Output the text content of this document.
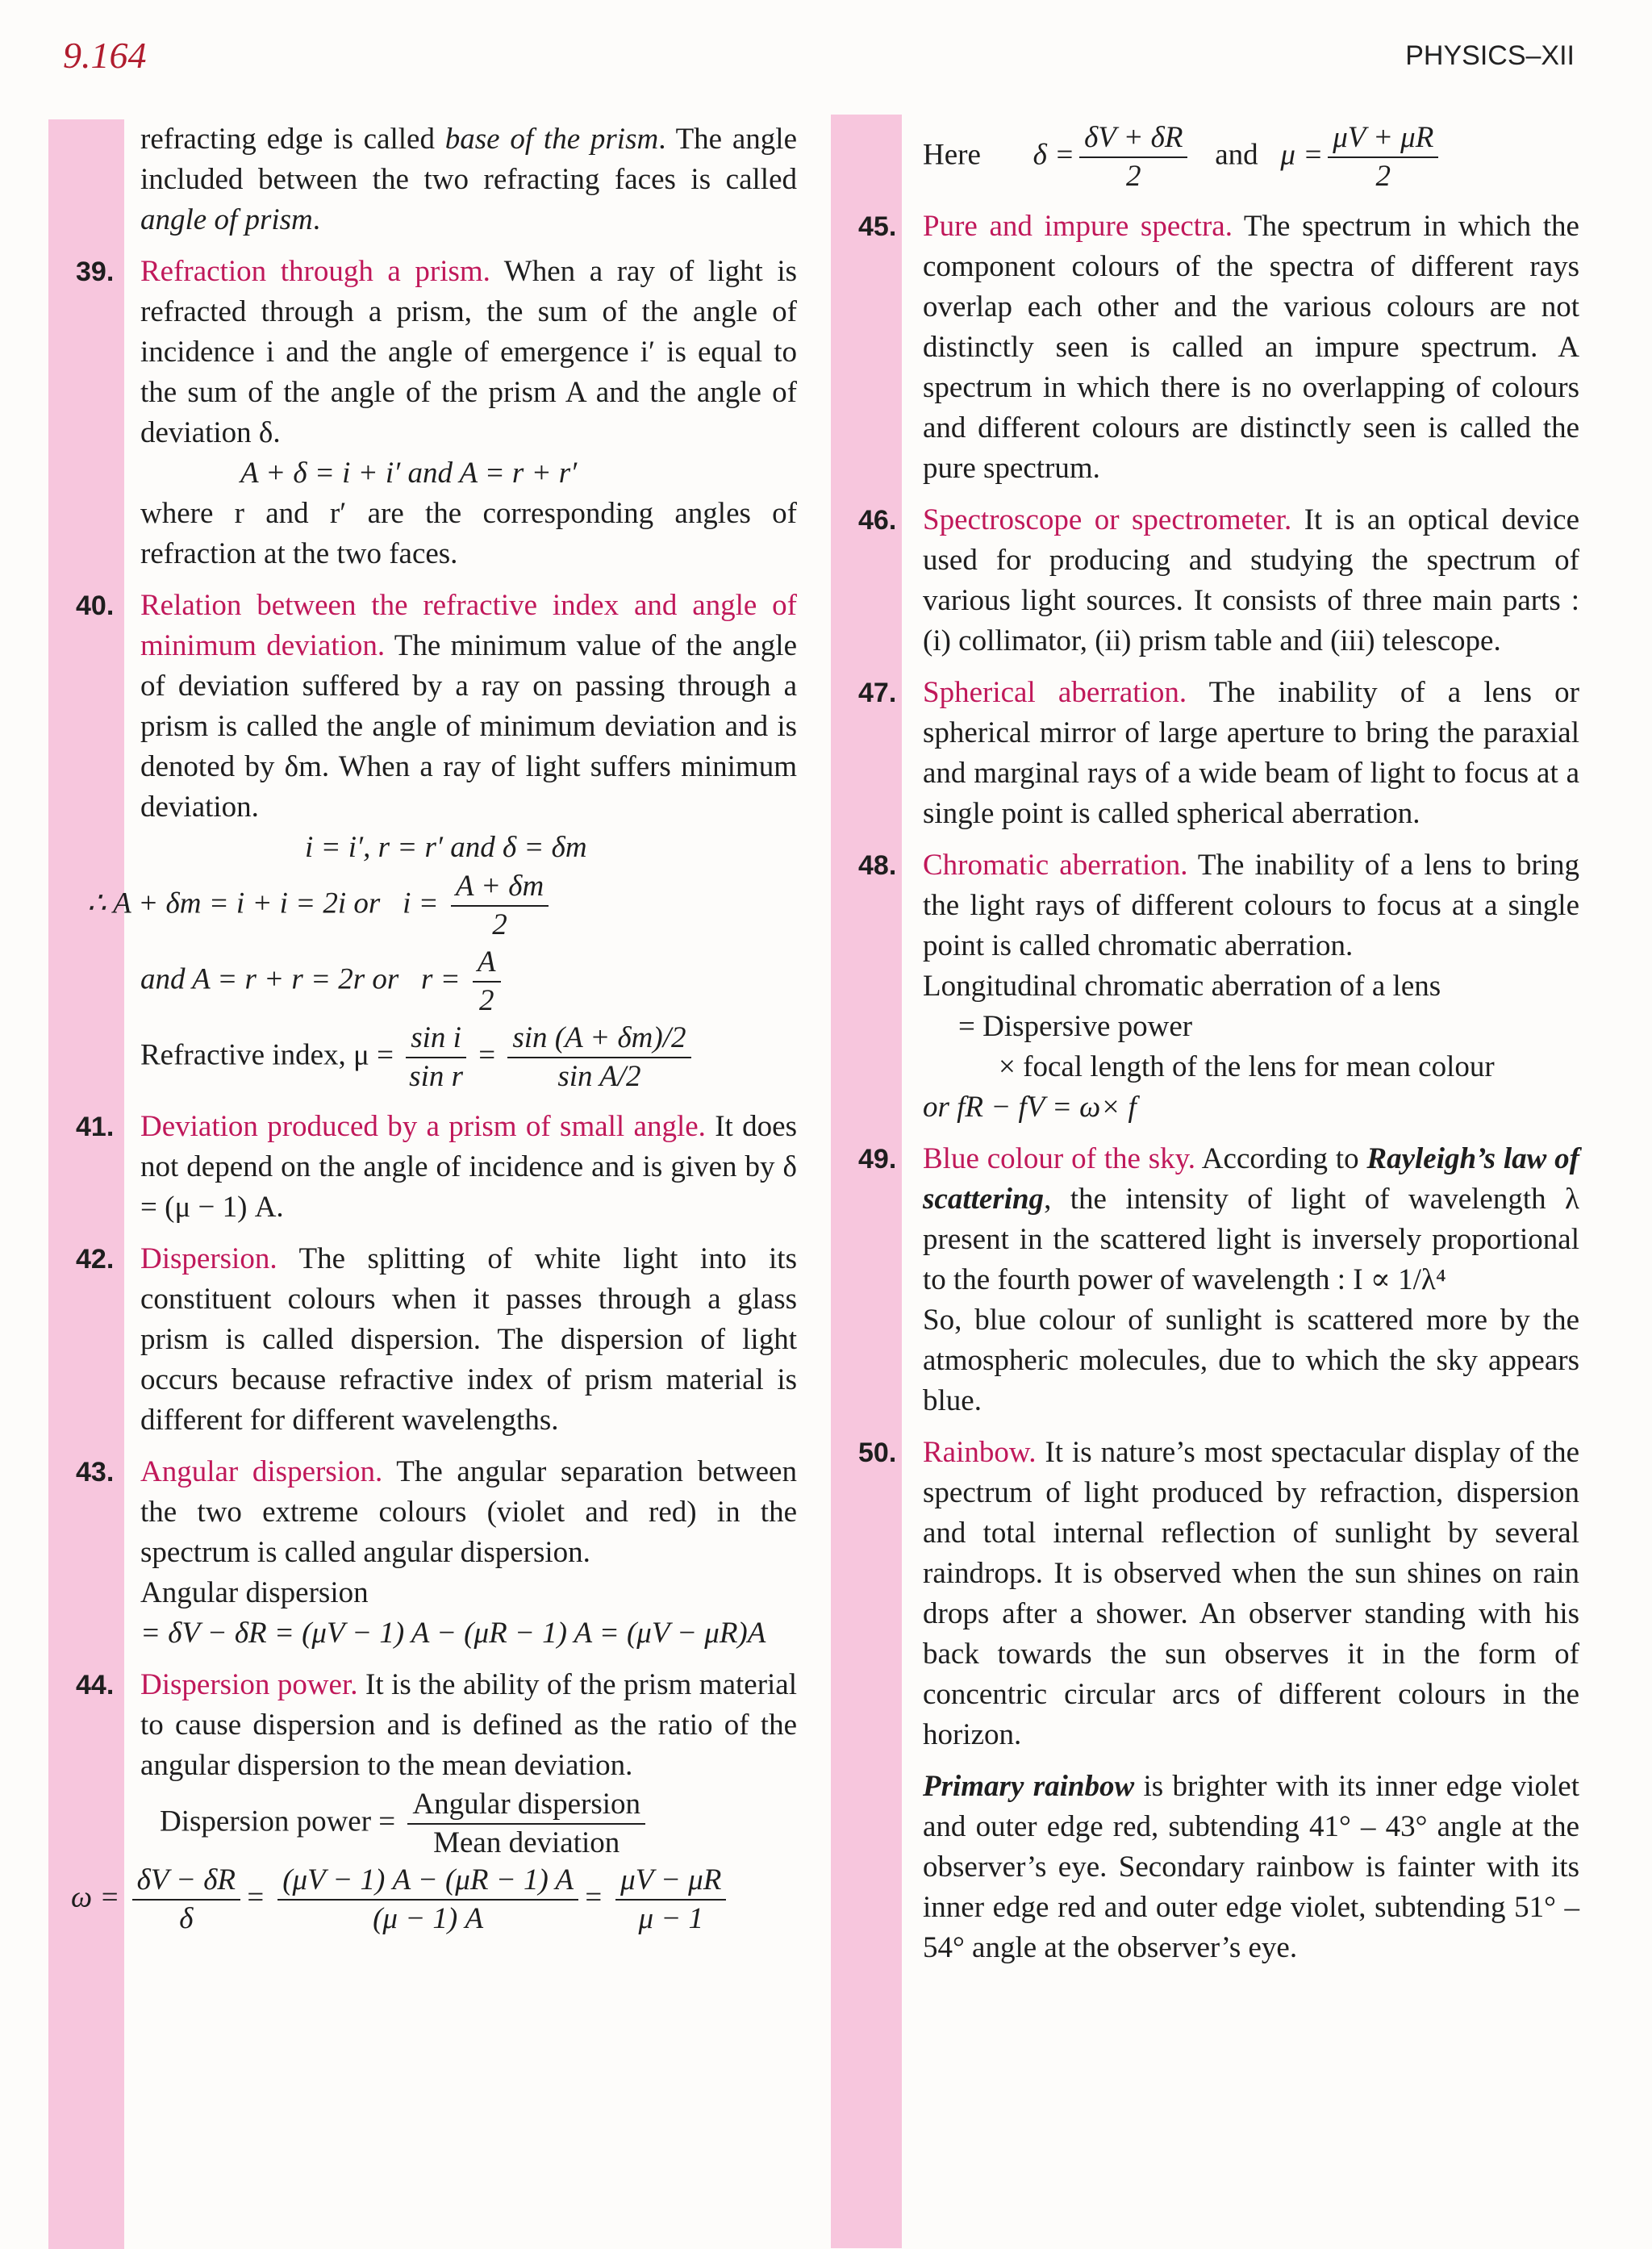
9.164	PHYSICS–XII

refracting edge is called base of the prism. The angle included between the two refracting faces is called angle of prism.

39. Refraction through a prism. When a ray of light is refracted through a prism, the sum of the angle of incidence i and the angle of emergence i′ is equal to the sum of the angle of the prism A and the angle of deviation δ.

A + δ = i + i′ and A = r + r′

where r and r′ are the corresponding angles of refraction at the two faces.

40. Relation between the refractive index and angle of minimum deviation. The minimum value of the angle of deviation suffered by a ray on passing through a prism is called the angle of minimum deviation and is denoted by δm. When a ray of light suffers minimum deviation.

i = i′, r = r′ and δ = δm
∴ A + δm = i + i = 2i or $i = \frac{A + \delta m}{2}$
and A = r + r = 2r or $r = \frac{A}{2}$
Refractive index, $\mu = \frac{\text{sin i}}{\text{sin r}} = \frac{\sin (A + \delta m)/2}{\text{sin A/2}}$

41. Deviation produced by a prism of small angle. It does not depend on the angle of incidence and is given by δ = (μ − 1) A.

42. Dispersion. The splitting of white light into its constituent colours when it passes through a glass prism is called dispersion. The dispersion of light occurs because refractive index of prism material is different for different wavelengths.

43. Angular dispersion. The angular separation between the two extreme colours (violet and red) in the spectrum is called angular dispersion.

Angular dispersion

= δV − δR = (μV − 1) A − (μR − 1) A = (μV − μR)A

44. Dispersion power. It is the ability of the prism material to cause dispersion and is defined as the ratio of the angular dispersion to the mean deviation.

Dispersion power = $\frac{\text{Angular dispersion}}{\text{Mean deviation}}$
$\omega = \frac{\delta V - \delta R}{\delta} = \frac{(\mu V - 1) A - (\mu R - 1) A}{(\mu - 1) A} = \frac{\mu V - \mu R}{\mu - 1}$
Here $\delta = \frac{\delta V + \delta R}{2}$ and $\mu = \frac{\mu V + \mu R}{2}$

45. Pure and impure spectra. The spectrum in which the component colours of the spectra of different rays overlap each other and the various colours are not distinctly seen is called an impure spectrum. A spectrum in which there is no overlapping of colours and different colours are distinctly seen is called the pure spectrum.

46. Spectroscope or spectrometer. It is an optical device used for producing and studying the spectrum of various light sources. It consists of three main parts : (i) collimator, (ii) prism table and (iii) telescope.

47. Spherical aberration. The inability of a lens or spherical mirror of large aperture to bring the paraxial and marginal rays of a wide beam of light to focus at a single point is called spherical aberration.

48. Chromatic aberration. The inability of a lens to bring the light rays of different colours to focus at a single point is called chromatic aberration.

Longitudinal chromatic aberration of a lens

= Dispersive power

× focal length of the lens for mean colour

or fR − fV = ω× f

49. Blue colour of the sky. According to Rayleigh’s law of scattering, the intensity of light of wavelength λ present in the scattered light is inversely proportional to the fourth power of wavelength : I ∝ 1/λ⁴

So, blue colour of sunlight is scattered more by the atmospheric molecules, due to which the sky appears blue.

50. Rainbow. It is nature’s most spectacular display of the spectrum of light produced by refraction, dispersion and total internal reflection of sunlight by several raindrops. It is observed when the sun shines on rain drops after a shower. An observer standing with his back towards the sun observes it in the form of concentric circular arcs of different colours in the horizon.

Primary rainbow is brighter with its inner edge violet and outer edge red, subtending 41° – 43° angle at the observer’s eye. Secondary rainbow is fainter with its inner edge red and outer edge violet, subtending 51° – 54° angle at the observer’s eye.
